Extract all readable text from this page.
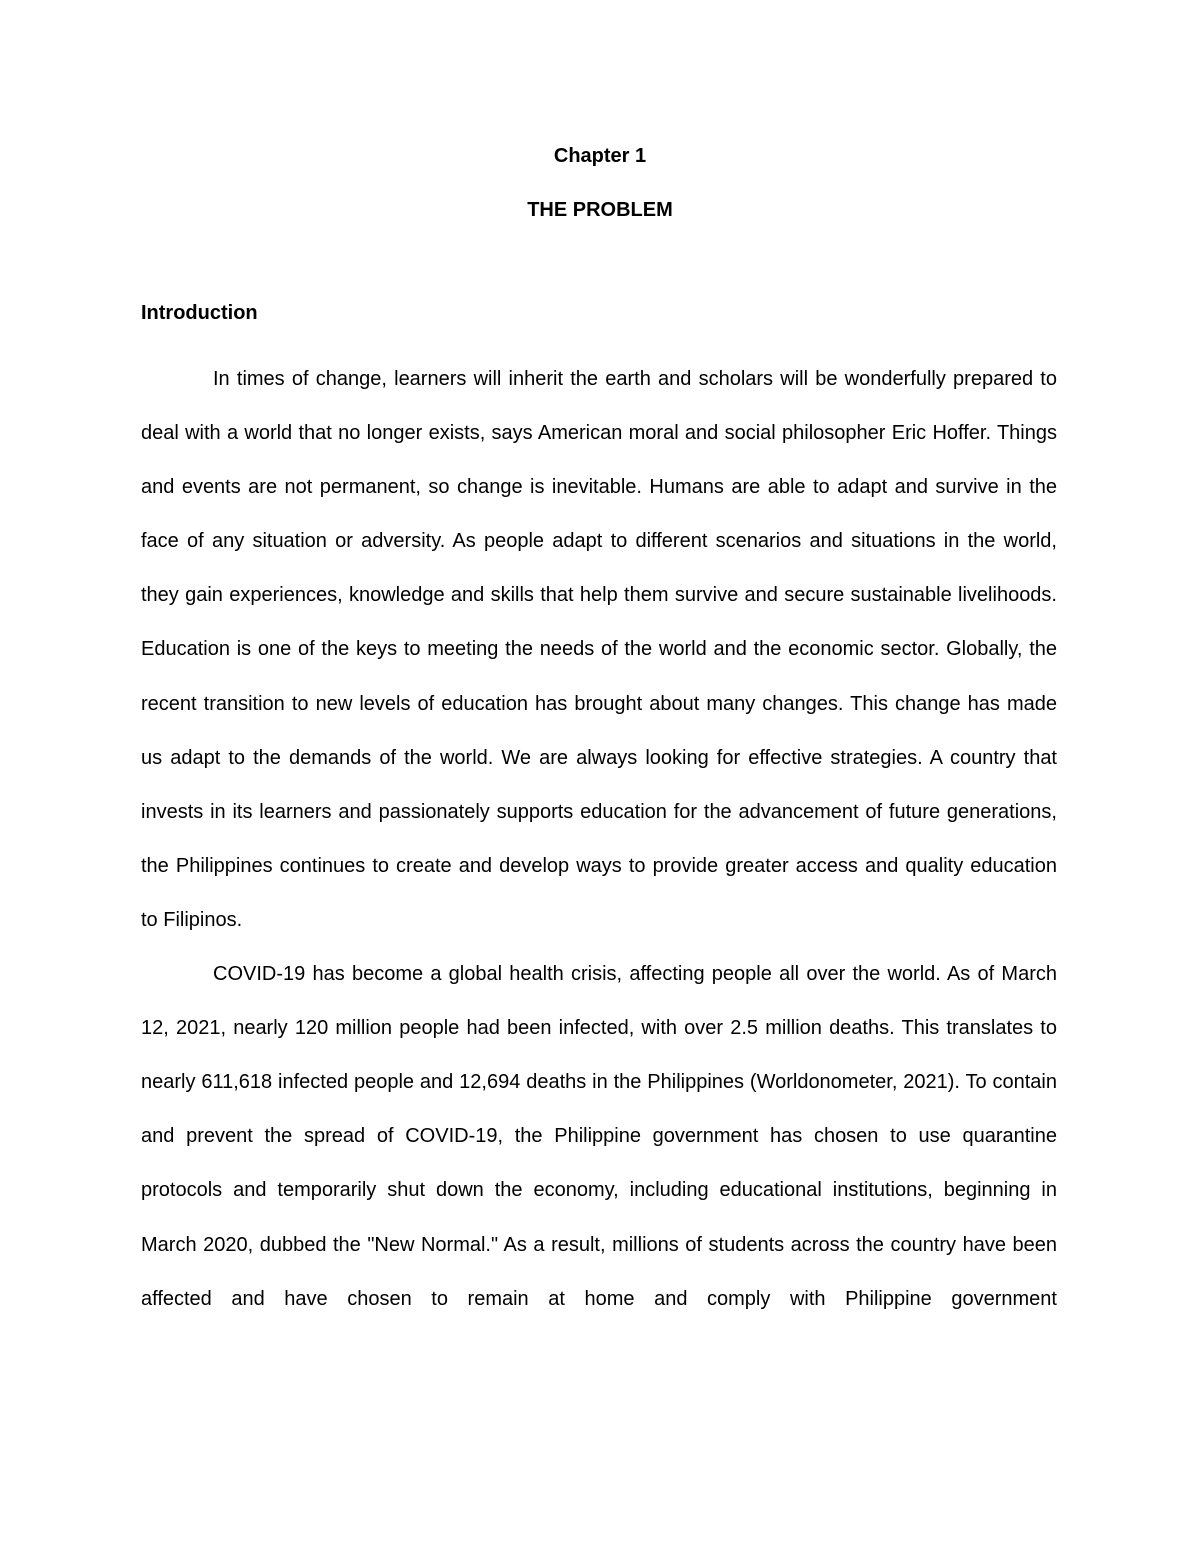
Chapter 1
THE PROBLEM
Introduction

In times of change, learners will inherit the earth and scholars will be wonderfully prepared to deal with a world that no longer exists, says American moral and social philosopher Eric Hoffer. Things and events are not permanent, so change is inevitable. Humans are able to adapt and survive in the face of any situation or adversity. As people adapt to different scenarios and situations in the world, they gain experiences, knowledge and skills that help them survive and secure sustainable livelihoods. Education is one of the keys to meeting the needs of the world and the economic sector. Globally, the recent transition to new levels of education has brought about many changes. This change has made us adapt to the demands of the world. We are always looking for effective strategies. A country that invests in its learners and passionately supports education for the advancement of future generations, the Philippines continues to create and develop ways to provide greater access and quality education to Filipinos.

COVID-19 has become a global health crisis, affecting people all over the world. As of March 12, 2021, nearly 120 million people had been infected, with over 2.5 million deaths. This translates to nearly 611,618 infected people and 12,694 deaths in the Philippines (Worldonometer, 2021). To contain and prevent the spread of COVID-19, the Philippine government has chosen to use quarantine protocols and temporarily shut down the economy, including educational institutions, beginning in March 2020, dubbed the "New Normal." As a result, millions of students across the country have been affected and have chosen to remain at home and comply with Philippine government
